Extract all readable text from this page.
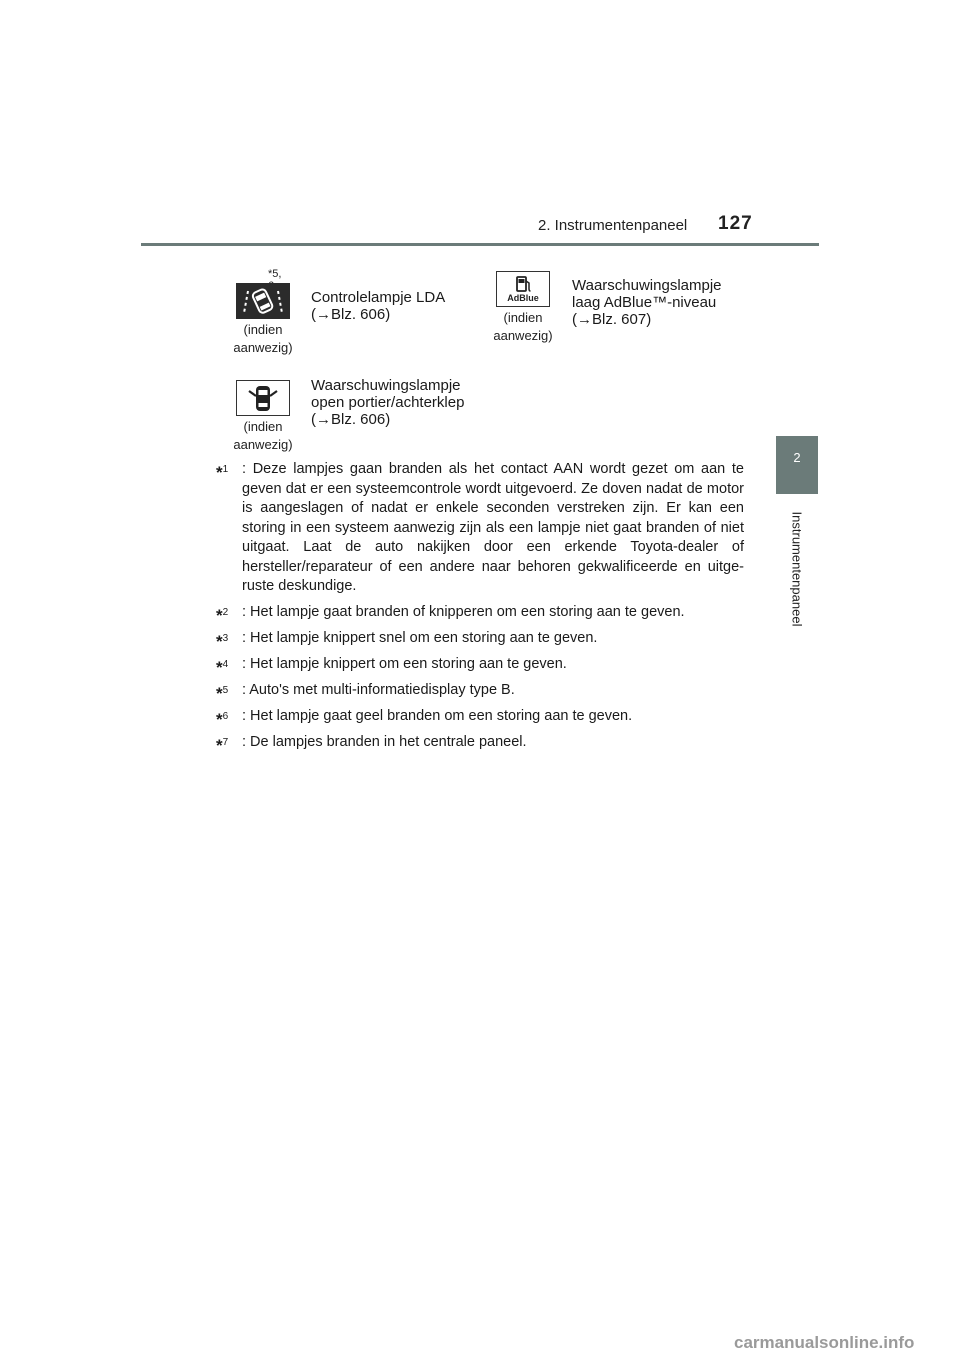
2. Instrumentenpaneel 127
2
Instrumentenpaneel
*5,
(indien
aanwezig)
Controlelampje LDA
(→Blz. 606)
AdBlue
(indien
aanwezig)
Waarschuwingslampje
laag AdBlue™-niveau
(→Blz. 607)
(indien
aanwezig)
Waarschuwingslampje
open portier/achterklep
(→Blz. 606)
*$^1$ : Deze lampjes gaan branden als het contact AAN wordt gezet om aan te geven dat er een systeemcontrole wordt uitgevoerd. Ze doven nadat de motor is aangeslagen of nadat er enkele seconden verstreken zijn. Er kan een storing in een systeem aanwezig zijn als een lampje niet gaat branden of niet uitgaat. Laat de auto nakijken door een erkende Toyota-dealer of hersteller/reparateur of een andere naar behoren gekwalificeerde en uitge-ruste deskundige.
*$^2$ : Het lampje gaat branden of knipperen om een storing aan te geven.
*$^3$ : Het lampje knippert snel om een storing aan te geven.
*$^4$ : Het lampje knippert om een storing aan te geven.
*$^5$ : Auto's met multi-informatiedisplay type B.
*$^6$ : Het lampje gaat geel branden om een storing aan te geven.
*$^7$ : De lampjes branden in het centrale paneel.
carmanualsonline.info
